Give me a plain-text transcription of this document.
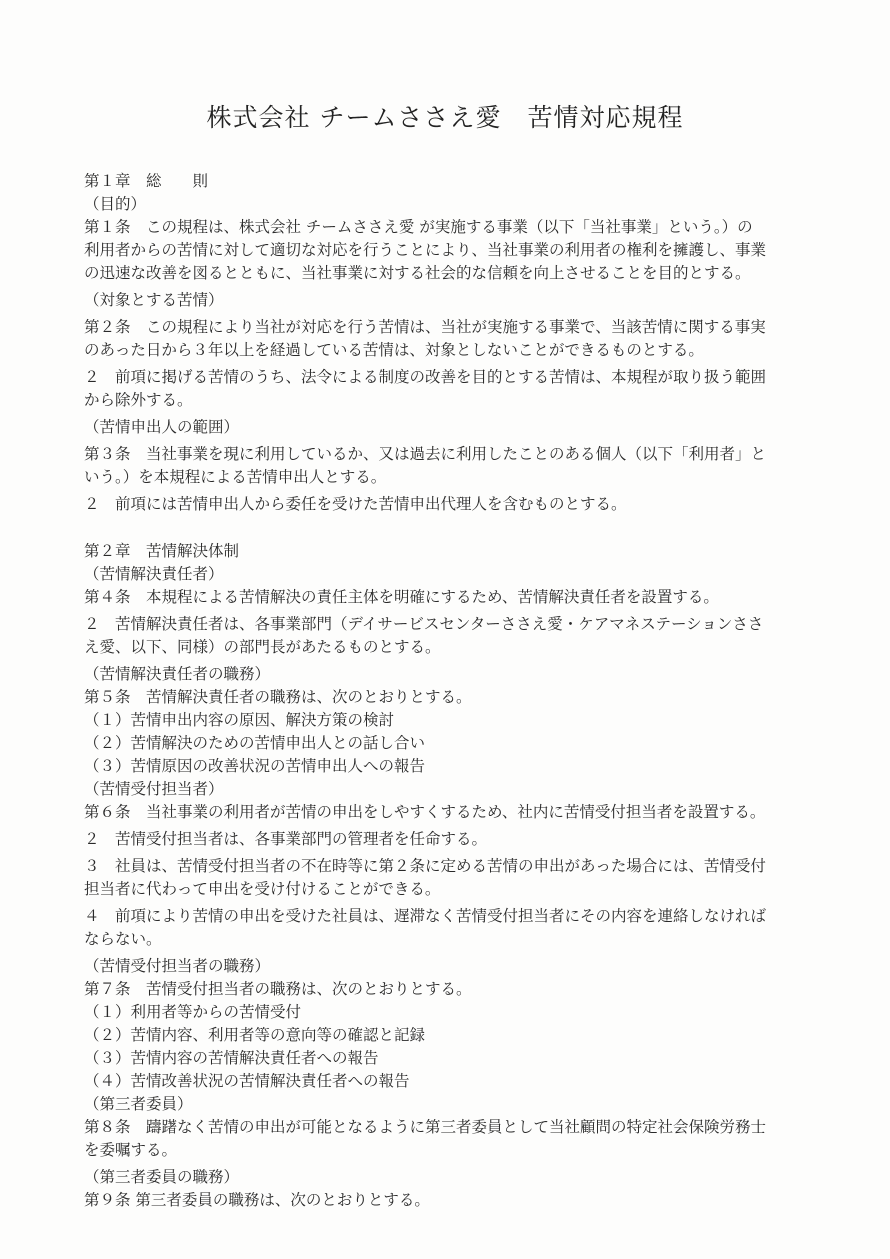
株式会社 チームささえ愛　苦情対応規程
第１章　総　　則
（目的）
第１条　この規程は、株式会社 チームささえ愛 が実施する事業（以下「当社事業」という。）の
利用者からの苦情に対して適切な対応を行うことにより、当社事業の利用者の権利を擁護し、事業
の迅速な改善を図るとともに、当社事業に対する社会的な信頼を向上させることを目的とする。
（対象とする苦情）
第２条　この規程により当社が対応を行う苦情は、当社が実施する事業で、当該苦情に関する事実
のあった日から３年以上を経過している苦情は、対象としないことができるものとする。
２　前項に掲げる苦情のうち、法令による制度の改善を目的とする苦情は、本規程が取り扱う範囲
から除外する。
（苦情申出人の範囲）
第３条　当社事業を現に利用しているか、又は過去に利用したことのある個人（以下「利用者」と
いう。）を本規程による苦情申出人とする。
２　前項には苦情申出人から委任を受けた苦情申出代理人を含むものとする。
第２章　苦情解決体制
（苦情解決責任者）
第４条　本規程による苦情解決の責任主体を明確にするため、苦情解決責任者を設置する。
２　苦情解決責任者は、各事業部門（デイサービスセンターささえ愛・ケアマネステーションささ
え愛、以下、同様）の部門長があたるものとする。
（苦情解決責任者の職務）
第５条　苦情解決責任者の職務は、次のとおりとする。
（１）苦情申出内容の原因、解決方策の検討
（２）苦情解決のための苦情申出人との話し合い
（３）苦情原因の改善状況の苦情申出人への報告
（苦情受付担当者）
第６条　当社事業の利用者が苦情の申出をしやすくするため、社内に苦情受付担当者を設置する。
２　苦情受付担当者は、各事業部門の管理者を任命する。
３　社員は、苦情受付担当者の不在時等に第２条に定める苦情の申出があった場合には、苦情受付
担当者に代わって申出を受け付けることができる。
４　前項により苦情の申出を受けた社員は、遅滞なく苦情受付担当者にその内容を連絡しなければ
ならない。
（苦情受付担当者の職務）
第７条　苦情受付担当者の職務は、次のとおりとする。
（１）利用者等からの苦情受付
（２）苦情内容、利用者等の意向等の確認と記録
（３）苦情内容の苦情解決責任者への報告
（４）苦情改善状況の苦情解決責任者への報告
（第三者委員）
第８条　躊躇なく苦情の申出が可能となるように第三者委員として当社顧問の特定社会保険労務士
を委嘱する。
（第三者委員の職務）
第９条 第三者委員の職務は、次のとおりとする。
